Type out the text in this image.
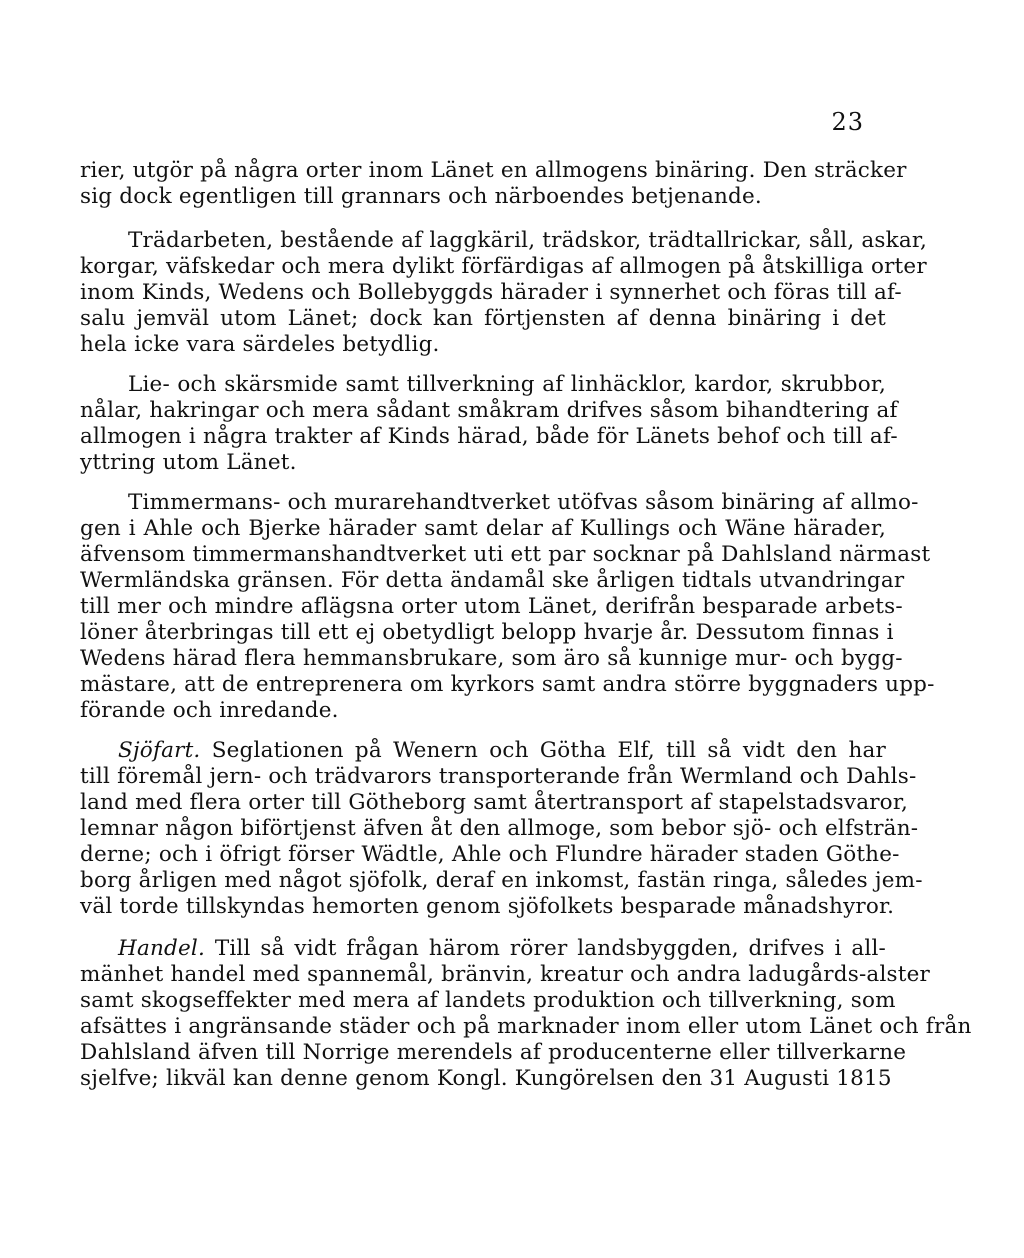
23
rier, utgör på några orter inom Länet en allmogens binäring. Den sträcker
sig dock egentligen till grannars och närboendes betjenande.
Trädarbeten, bestående af laggkäril, trädskor, trädtallrickar, såll, askar,
korgar, väfskedar och mera dylikt förfärdigas af allmogen på åtskilliga orter
inom Kinds, Wedens och Bollebyggds härader i synnerhet och föras till af-
salu jemväl utom Länet; dock kan förtjensten af denna binäring i det
hela icke vara särdeles betydlig.
Lie- och skärsmide samt tillverkning af linhäcklor, kardor, skrubbor,
nålar, hakringar och mera sådant småkram drifves såsom bihandtering af
allmogen i några trakter af Kinds härad, både för Länets behof och till af-
yttring utom Länet.
Timmermans- och murarehandtverket utöfvas såsom binäring af allmo-
gen i Ahle och Bjerke härader samt delar af Kullings och Wäne härader,
äfvensom timmermanshandtverket uti ett par socknar på Dahlsland närmast
Wermländska gränsen. För detta ändamål ske årligen tidtals utvandringar
till mer och mindre aflägsna orter utom Länet, derifrån besparade arbets-
löner återbringas till ett ej obetydligt belopp hvarje år. Dessutom finnas i
Wedens härad flera hemmansbrukare, som äro så kunnige mur- och bygg-
mästare, att de entreprenera om kyrkors samt andra större byggnaders upp-
förande och inredande.
Sjöfart. Seglationen på Wenern och Götha Elf, till så vidt den har
till föremål jern- och trädvarors transporterande från Wermland och Dahls-
land med flera orter till Götheborg samt återtransport af stapelstadsvaror,
lemnar någon biförtjenst äfven åt den allmoge, som bebor sjö- och elfsträn-
derne; och i öfrigt förser Wädtle, Ahle och Flundre härader staden Göthe-
borg årligen med något sjöfolk, deraf en inkomst, fastän ringa, således jem-
väl torde tillskyndas hemorten genom sjöfolkets besparade månadshyror.
Handel. Till så vidt frågan härom rörer landsbyggden, drifves i all-
mänhet handel med spannemål, bränvin, kreatur och andra ladugårds-alster
samt skogseffekter med mera af landets produktion och tillverkning, som
afsättes i angränsande städer och på marknader inom eller utom Länet och från
Dahlsland äfven till Norrige merendels af producenterne eller tillverkarne
sjelfve; likväl kan denne genom Kongl. Kungörelsen den 31 Augusti 1815
